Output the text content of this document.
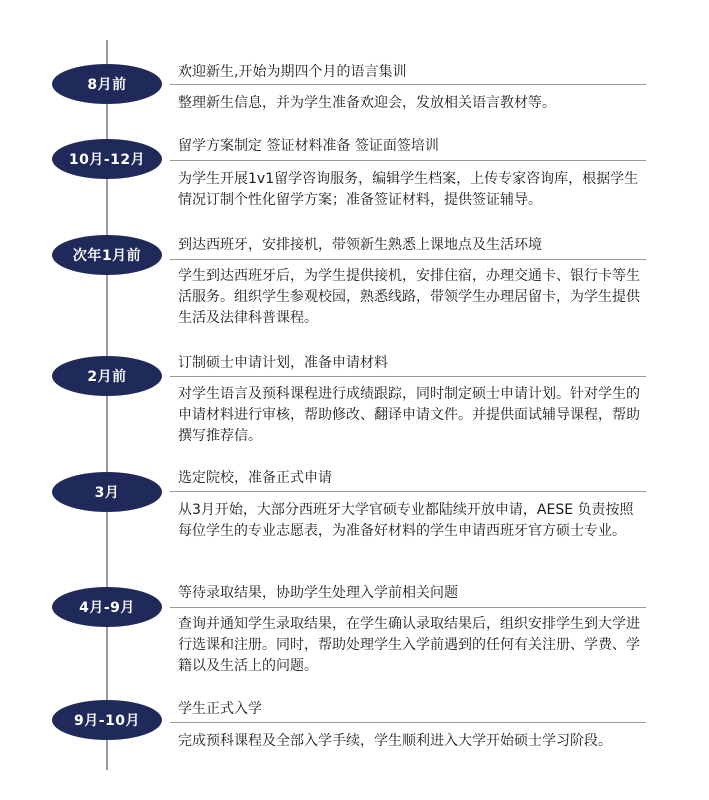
8月前
欢迎新生,开始为期四个月的语言集训
整理新生信息，并为学生准备欢迎会，发放相关语言教材等。
10月-12月
留学方案制定 签证材料准备 签证面签培训
为学生开展1v1留学咨询服务，编辑学生档案，上传专家咨询库，根据学生情况订制个性化留学方案；准备签证材料，提供签证辅导。
次年1月前
到达西班牙，安排接机，带领新生熟悉上课地点及生活环境
学生到达西班牙后，为学生提供接机，安排住宿，办理交通卡、银行卡等生活服务。组织学生参观校园，熟悉线路，带领学生办理居留卡，为学生提供生活及法律科普课程。
2月前
订制硕士申请计划，准备申请材料
对学生语言及预科课程进行成绩跟踪，同时制定硕士申请计划。针对学生的申请材料进行审核，帮助修改、翻译申请文件。并提供面试辅导课程，帮助撰写推荐信。
3月
选定院校，准备正式申请
从3月开始，大部分西班牙大学官硕专业都陆续开放申请，AESE 负责按照每位学生的专业志愿表，为准备好材料的学生申请西班牙官方硕士专业。
4月-9月
等待录取结果，协助学生处理入学前相关问题
查询并通知学生录取结果，在学生确认录取结果后，组织安排学生到大学进行选课和注册。同时，帮助处理学生入学前遇到的任何有关注册、学费、学籍以及生活上的问题。
9月-10月
学生正式入学
完成预科课程及全部入学手续，学生顺利进入大学开始硕士学习阶段。
